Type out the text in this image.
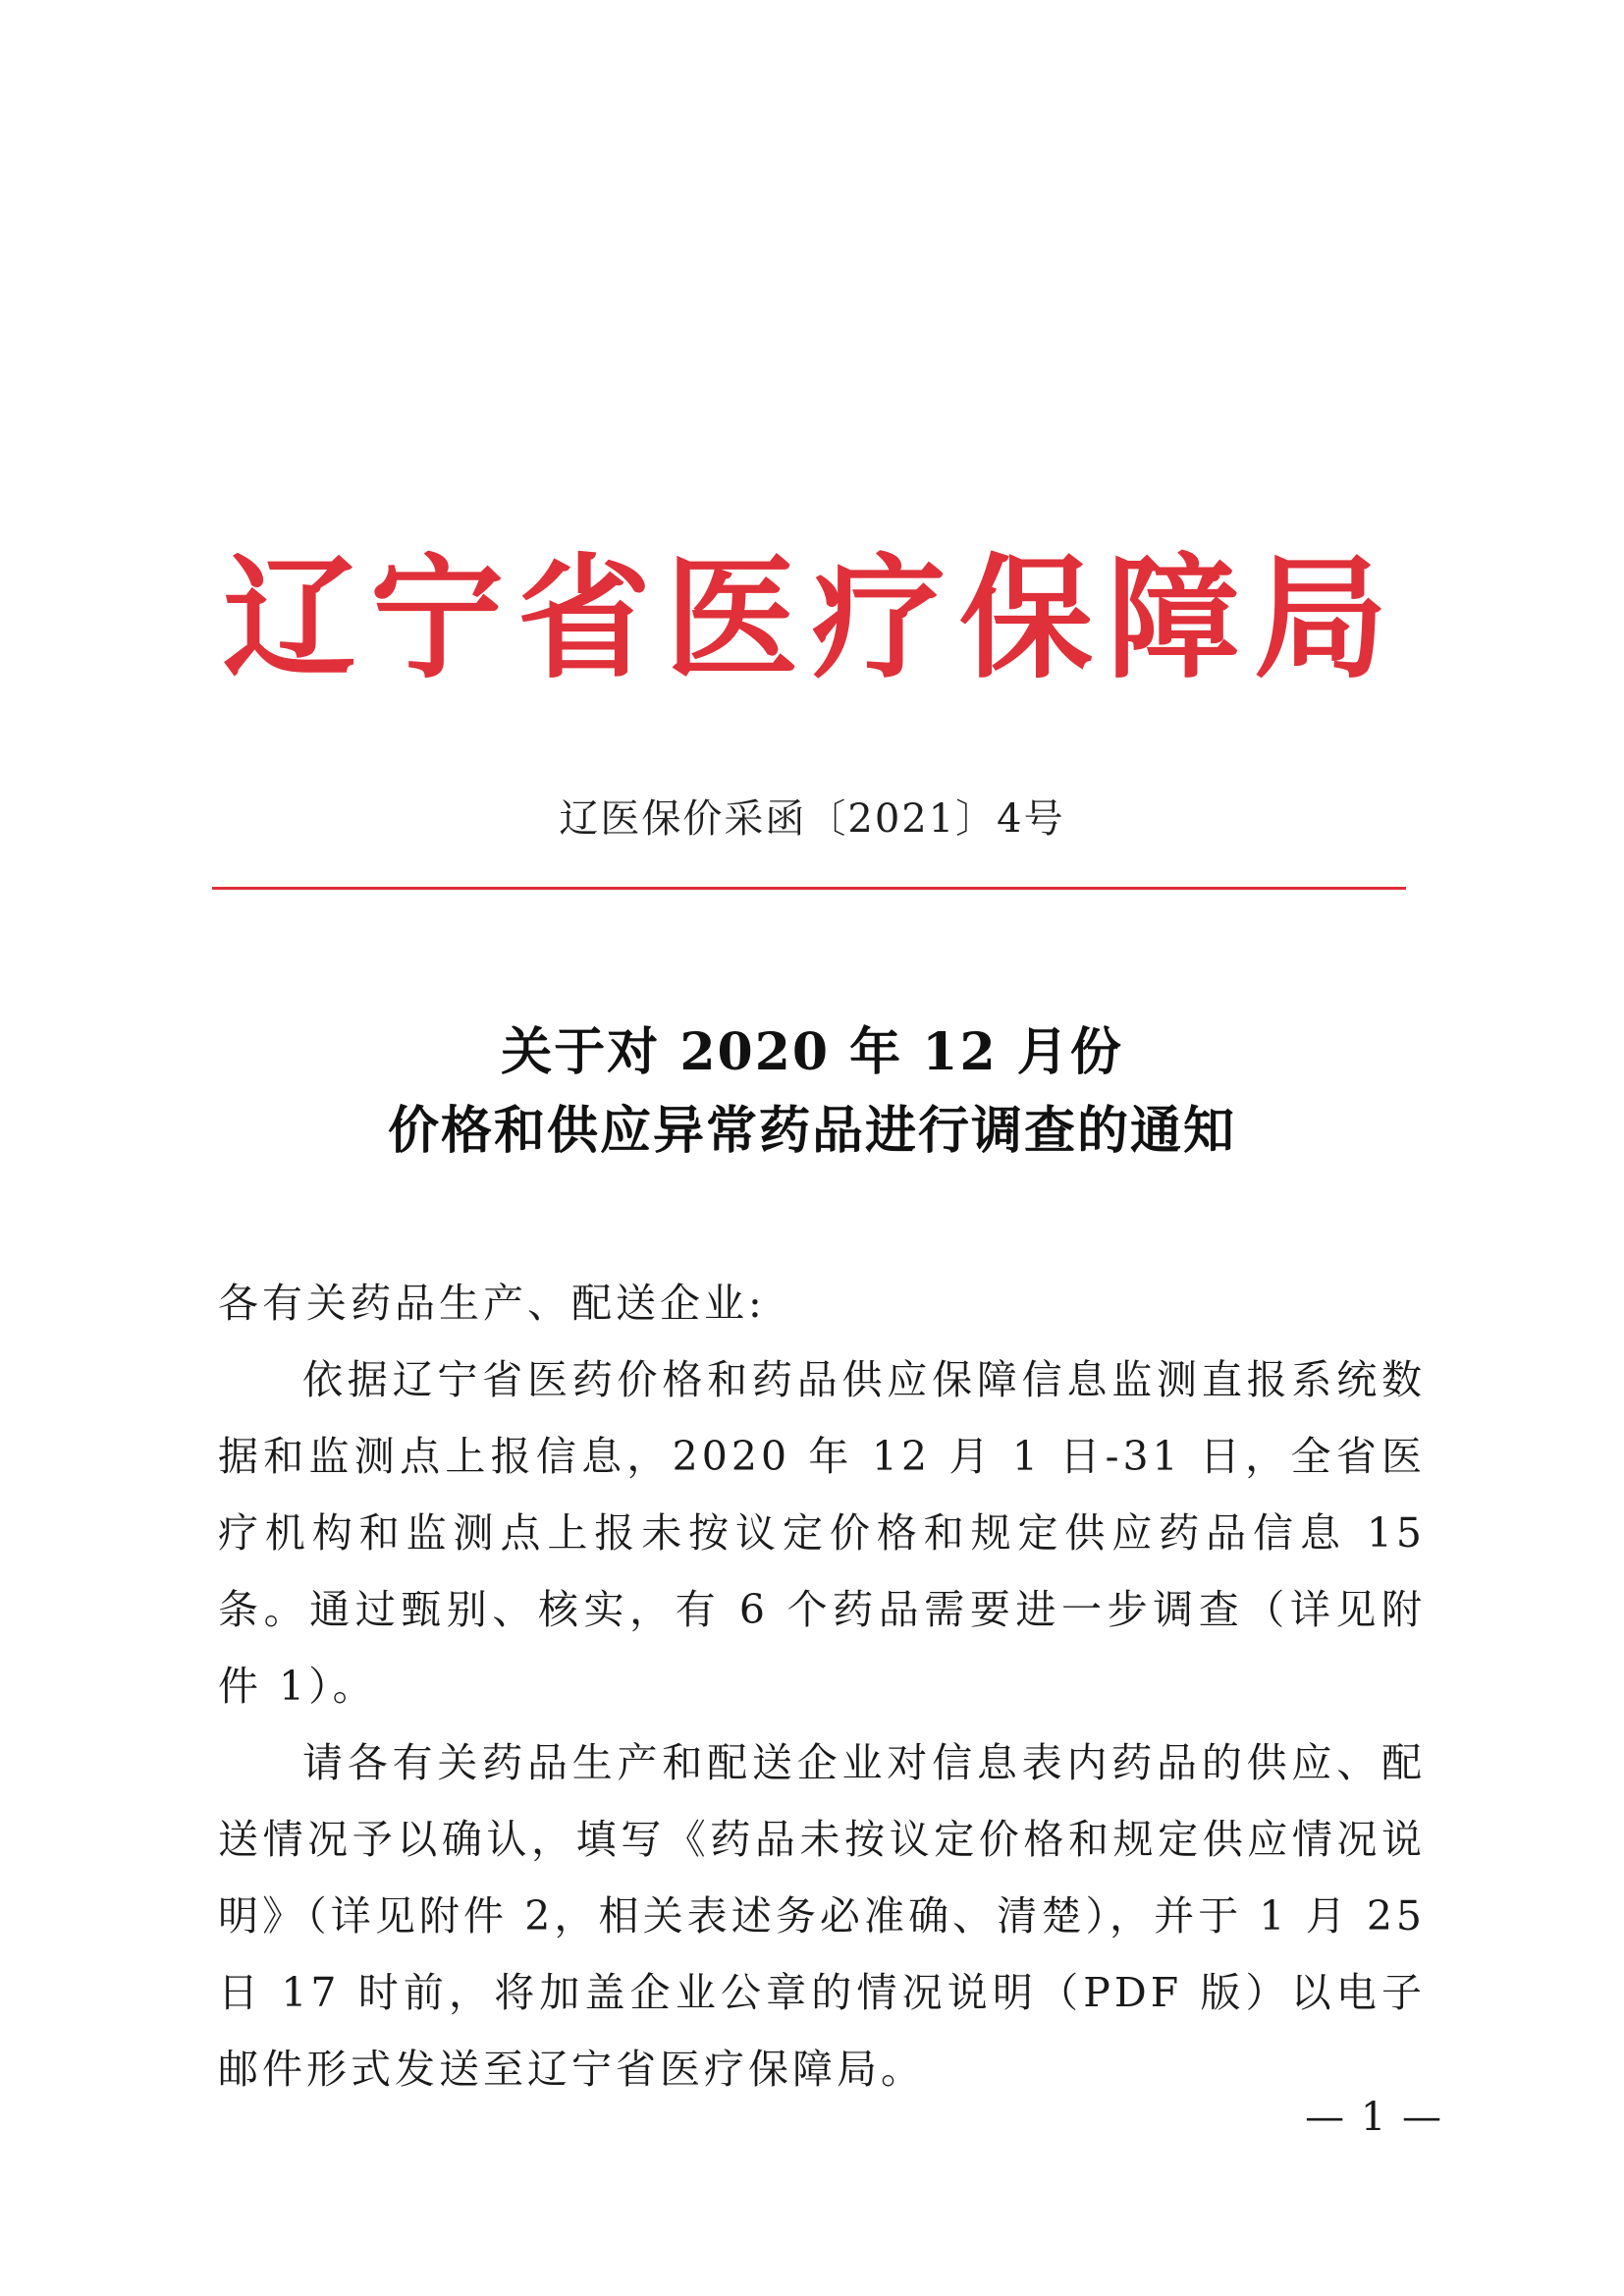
辽宁省医疗保障局
辽医保价采函〔2021〕4号
关于对 2020 年 12 月份
价格和供应异常药品进行调查的通知

各有关药品生产、配送企业:

依据辽宁省医药价格和药品供应保障信息监测直报系统数据和监测点上报信息，2020 年 12 月 1 日-31 日，全省医疗机构和监测点上报未按议定价格和规定供应药品信息 15 条。通过甄别、核实，有 6 个药品需要进一步调查（详见附件 1）。

请各有关药品生产和配送企业对信息表内药品的供应、配送情况予以确认，填写《药品未按议定价格和规定供应情况说明》（详见附件 2，相关表述务必准确、清楚），并于 1 月 25 日 17 时前，将加盖企业公章的情况说明（PDF 版）以电子邮件形式发送至辽宁省医疗保障局。

— 1 —
